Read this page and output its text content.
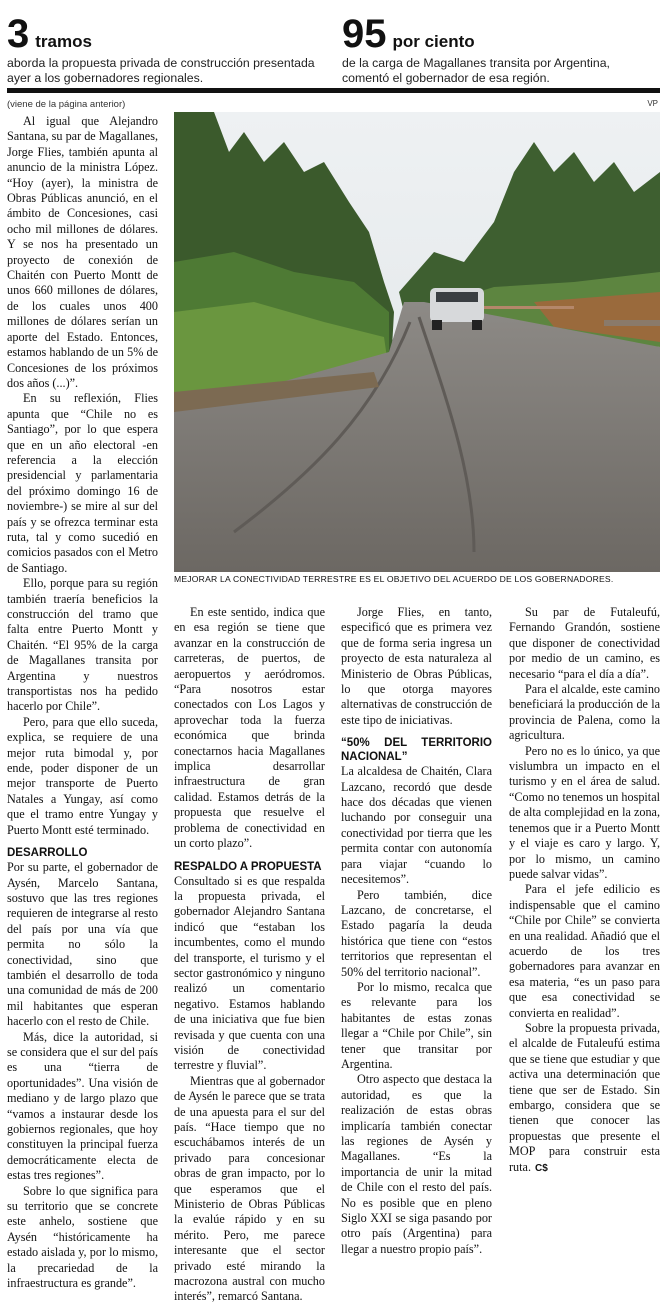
3 tramos
aborda la propuesta privada de construcción presentada ayer a los gobernadores regionales.
95 por ciento
de la carga de Magallanes transita por Argentina, comentó el gobernador de esa región.
(viene de la página anterior)	VP
MEJORAR LA CONECTIVIDAD TERRESTRE ES EL OBJETIVO DEL ACUERDO DE LOS GOBERNADORES.

Al igual que Alejandro Santana, su par de Magallanes, Jorge Flies, también apunta al anuncio de la ministra López. “Hoy (ayer), la ministra de Obras Públicas anunció, en el ámbito de Concesiones, casi ocho mil millones de dólares. Y se nos ha presentado un proyecto de conexión de Chaitén con Puerto Montt de unos 660 millones de dólares, de los cuales unos 400 millones de dólares serían un aporte del Estado. Entonces, estamos hablando de un 5% de Concesiones de los próximos dos años (...)”.

En su reflexión, Flies apunta que “Chile no es Santiago”, por lo que espera que en un año electoral -en referencia a la elección presidencial y parlamentaria del próximo domingo 16 de noviembre-) se mire al sur del país y se ofrezca terminar esta ruta, tal y como sucedió en comicios pasados con el Metro de Santiago.

Ello, porque para su región también traería beneficios la construcción del tramo que falta entre Puerto Montt y Chaitén. “El 95% de la carga de Magallanes transita por Argentina y nuestros transportistas nos ha pedido hacerlo por Chile”.

Pero, para que ello suceda, explica, se requiere de una mejor ruta bimodal y, por ende, poder disponer de un mejor transporte de Puerto Natales a Yungay, así como que el tramo entre Yungay y Puerto Montt esté terminado.

DESARROLLO

Por su parte, el gobernador de Aysén, Marcelo Santana, sostuvo que las tres regiones requieren de integrarse al resto del país por una vía que permita no sólo la conectividad, sino que también el desarrollo de toda una comunidad de más de 200 mil habitantes que esperan hacerlo con el resto de Chile.

Más, dice la autoridad, si se considera que el sur del país es una “tierra de oportunidades”. Una visión de mediano y de largo plazo que “vamos a instaurar desde los gobiernos regionales, que hoy constituyen la principal fuerza democráticamente electa de estas tres regiones”.

Sobre lo que significa para su territorio que se concrete este anhelo, sostiene que Aysén “históricamente ha estado aislada y, por lo mismo, la precariedad de la infraestructura es grande”.

En este sentido, indica que en esa región se tiene que avanzar en la construcción de carreteras, de puertos, de aeropuertos y aeródromos. “Para nosotros estar conectados con Los Lagos y aprovechar toda la fuerza económica que brinda conectarnos hacia Magallanes implica desarrollar infraestructura de gran calidad. Estamos detrás de la propuesta que resuelve el problema de conectividad en un corto plazo”.

RESPALDO A PROPUESTA

Consultado si es que respalda la propuesta privada, el gobernador Alejandro Santana indicó que “estaban los incumbentes, como el mundo del transporte, el turismo y el sector gastronómico y ninguno realizó un comentario negativo. Estamos hablando de una iniciativa que fue bien revisada y que cuenta con una visión de conectividad terrestre y fluvial”.

Mientras que al gobernador de Aysén le parece que se trata de una apuesta para el sur del país. “Hace tiempo que no escuchábamos interés de un privado para concesionar obras de gran impacto, por lo que esperamos que el Ministerio de Obras Públicas la evalúe rápido y en su mérito. Pero, me parece interesante que el sector privado esté mirando la macrozona austral con mucho interés”, remarcó Santana.

Jorge Flies, en tanto, especificó que es primera vez que de forma seria ingresa un proyecto de esta naturaleza al Ministerio de Obras Públicas, lo que otorga mayores alternativas de construcción de este tipo de iniciativas.

“50% DEL TERRITORIO NACIONAL”

La alcaldesa de Chaitén, Clara Lazcano, recordó que desde hace dos décadas que vienen luchando por conseguir una conectividad por tierra que les permita contar con autonomía para viajar “cuando lo necesitemos”.

Pero también, dice Lazcano, de concretarse, el Estado pagaría la deuda histórica que tiene con “estos territorios que representan el 50% del territorio nacional”.

Por lo mismo, recalca que es relevante para los habitantes de estas zonas llegar a “Chile por Chile”, sin tener que transitar por Argentina.

Otro aspecto que destaca la autoridad, es que la realización de estas obras implicaría también conectar las regiones de Aysén y Magallanes. “Es la importancia de unir la mitad de Chile con el resto del país. No es posible que en pleno Siglo XXI se siga pasando por otro país (Argentina) para llegar a nuestro propio país”.

Su par de Futaleufú, Fernando Grandón, sostiene que disponer de conectividad por medio de un camino, es necesario “para el día a día”.

Para el alcalde, este camino beneficiará la producción de la provincia de Palena, como la agricultura.

Pero no es lo único, ya que vislumbra un impacto en el turismo y en el área de salud. “Como no tenemos un hospital de alta complejidad en la zona, tenemos que ir a Puerto Montt y el viaje es caro y largo. Y, por lo mismo, un camino puede salvar vidas”.

Para el jefe edilicio es indispensable que el camino “Chile por Chile” se convierta en una realidad. Añadió que el acuerdo de los tres gobernadores para avanzar en esa materia, “es un paso para que esa conectividad se convierta en realidad”.

Sobre la propuesta privada, el alcalde de Futaleufú estima que se tiene que estudiar y que activa una determinación que tiene que ser de Estado. Sin embargo, considera que se tienen que conocer las propuestas que presente el MOP para construir esta ruta. C$
